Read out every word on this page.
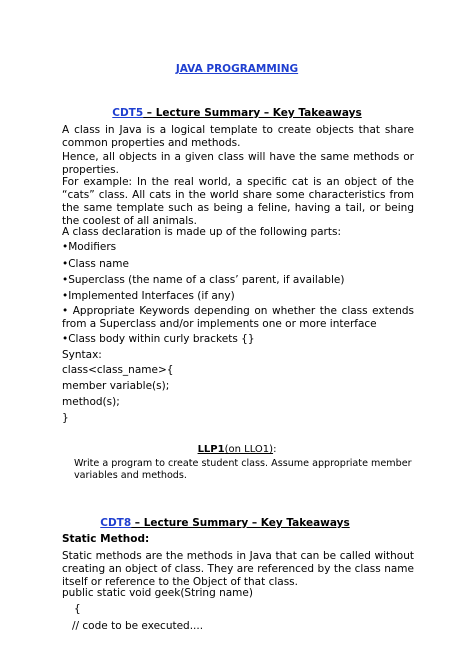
JAVA PROGRAMMING
CDT5 – Lecture Summary – Key Takeaways
A class in Java is a logical template to create objects that share common properties and methods.
Hence, all objects in a given class will have the same methods or properties.
For example: In the real world, a specific cat is an object of the “cats” class. All cats in the world share some characteristics from the same template such as being a feline, having a tail, or being the coolest of all animals.
A class declaration is made up of the following parts:
•Modifiers
•Class name
•Superclass (the name of a class’ parent, if available)
•Implemented Interfaces (if any)
• Appropriate Keywords depending on whether the class extends from a Superclass and/or implements one or more interface
•Class body within curly brackets {}
Syntax:
class<class_name>{
member variable(s);
method(s);
}
LLP1(on LLO1):
Write a program to create student class. Assume appropriate member variables and methods.
CDT8 – Lecture Summary – Key Takeaways
Static Method:
Static methods are the methods in Java that can be called without creating an object of class. They are referenced by the class name itself or reference to the Object of that class.
public static void geek(String name)
{
// code to be executed....
